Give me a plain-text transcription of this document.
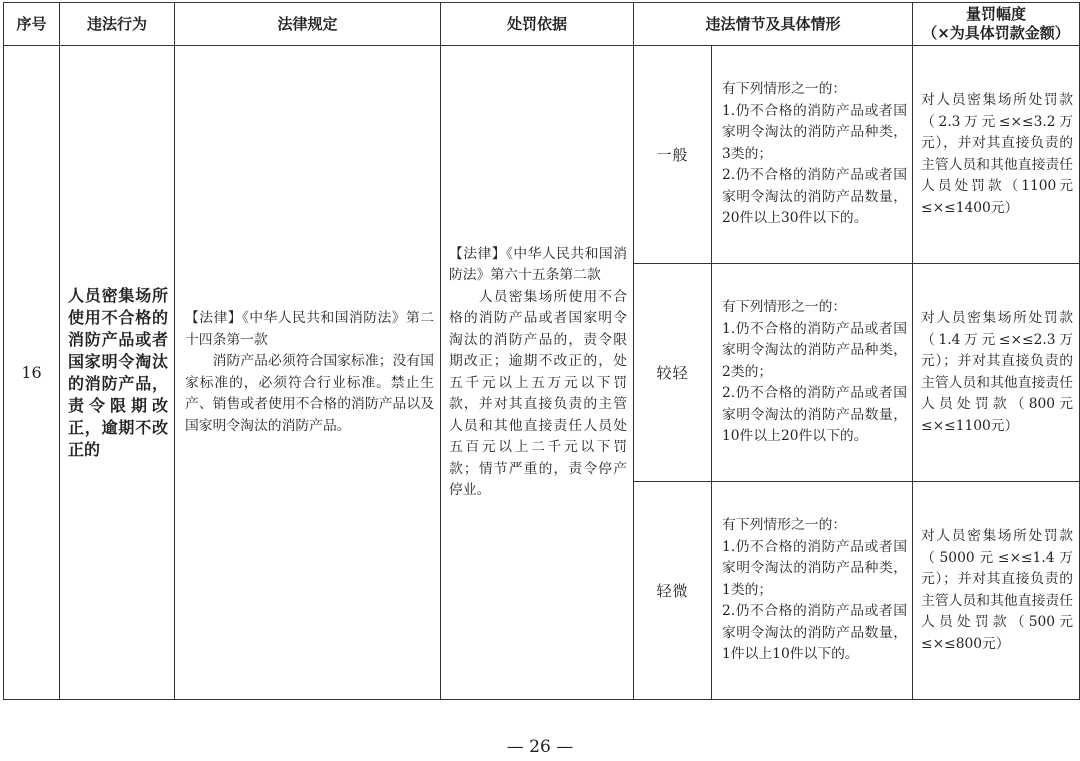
序号	违法行为	法律规定	处罚依据	违法情节及具体情形		量罚幅度
（×为具体罚款金额）

16	人员密集场所使用不合格的消防产品或者国家明令淘汰的消防产品，责令限期改正，逾期不改正的	【法律】《中华人民共和国消防法》第二十四条第一款
　　消防产品必须符合国家标准；没有国家标准的，必须符合行业标准。禁止生产、销售或者使用不合格的消防产品以及国家明令淘汰的消防产品。	【法律】《中华人民共和国消防法》第六十五条第二款
　　人员密集场所使用不合格的消防产品或者国家明令淘汰的消防产品的，责令限期改正；逾期不改正的，处五千元以上五万元以下罚款，并对其直接负责的主管人员和其他直接责任人员处五百元以上二千元以下罚款；情节严重的，责令停产停业。	一般	有下列情形之一的：
1.仍不合格的消防产品或者国家明令淘汰的消防产品种类，3类的；
2.仍不合格的消防产品或者国家明令淘汰的消防产品数量，20件以上30件以下的。	对人员密集场所处罚款（2.3万元≤×≤3.2万元），并对其直接负责的主管人员和其他直接责任人员处罚款（1100元≤×≤1400元）
				较轻	有下列情形之一的：
1.仍不合格的消防产品或者国家明令淘汰的消防产品种类，2类的；
2.仍不合格的消防产品或者国家明令淘汰的消防产品数量，10件以上20件以下的。	对人员密集场所处罚款（1.4万元≤×≤2.3万元）；并对其直接负责的主管人员和其他直接责任人员处罚款（800元≤×≤1100元）
				轻微	有下列情形之一的：
1.仍不合格的消防产品或者国家明令淘汰的消防产品种类，1类的；
2.仍不合格的消防产品或者国家明令淘汰的消防产品数量，1件以上10件以下的。	对人员密集场所处罚款（5000元≤×≤1.4万元）；并对其直接负责的主管人员和其他直接责任人员处罚款（500元≤×≤800元）
— 26 —
